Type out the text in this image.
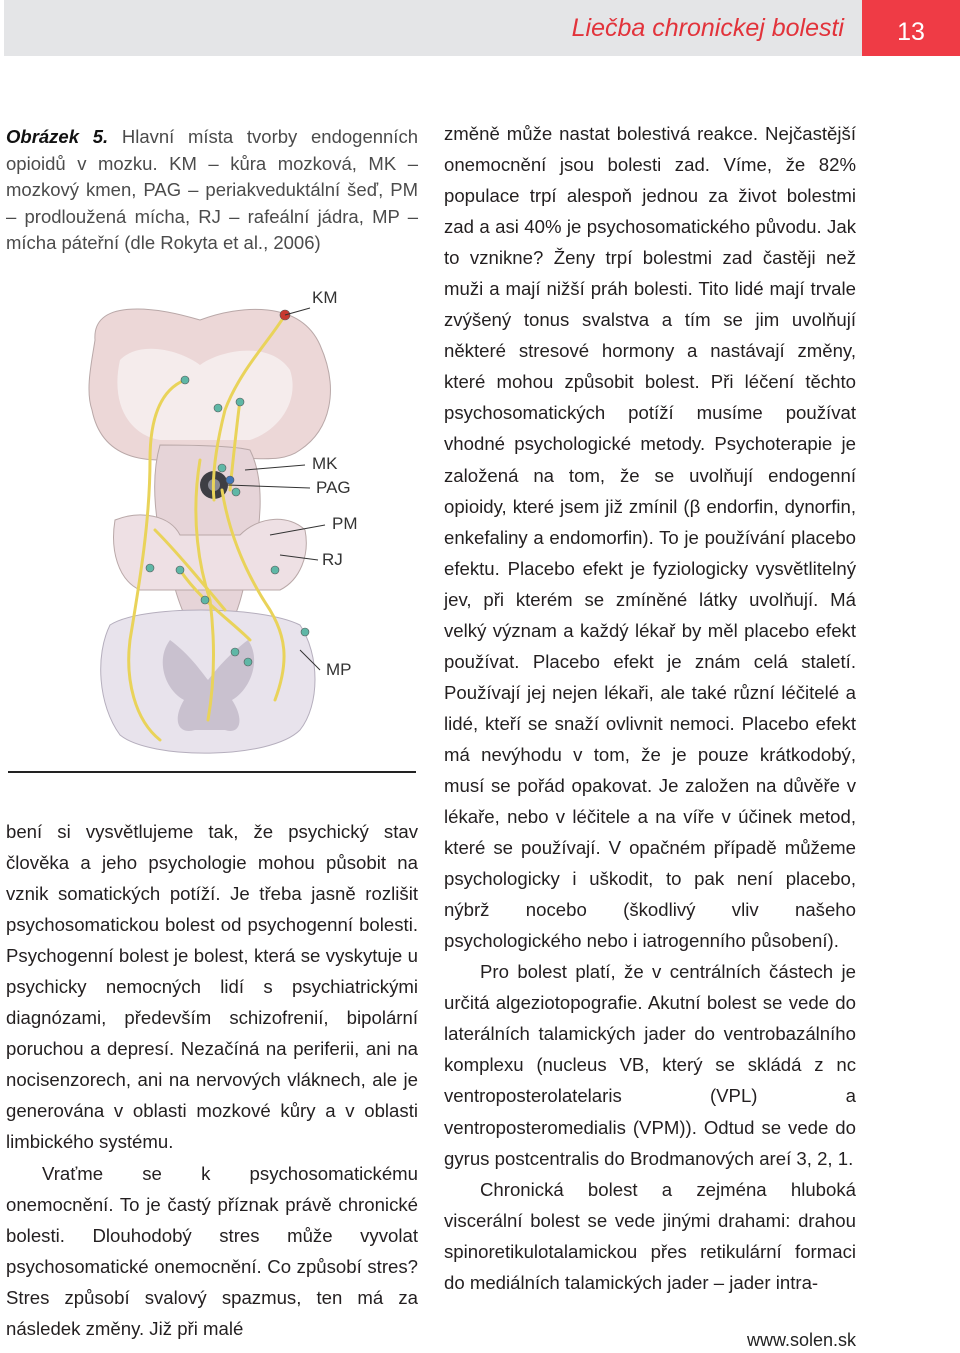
Liečba chronickej bolesti	13
Obrázek 5. Hlavní místa tvorby endogenních opioidů v mozku. KM – kůra mozková, MK – mozkový kmen, PAG – periakveduktální šeď, PM – prodloužená mícha, RJ – rafeální jádra, MP – mícha páteřní (dle Rokyta et al., 2006)
KM
MK
PAG
PM
RJ
MP

bení si vysvětlujeme tak, že psychický stav člověka a jeho psychologie mohou působit na vznik somatických potíží. Je třeba jasně rozlišit psychosomatickou bolest od psychogenní bolesti. Psychogenní bolest je bolest, která se vyskytuje u psychicky nemocných lidí s psychiatrickými diagnózami, především schizofrenií, bipolární poruchou a depresí. Nezačíná na periferii, ani na nocisenzorech, ani na nervových vláknech, ale je generována v oblasti mozkové kůry a v oblasti limbického systému.

Vraťme se k psychosomatickému onemocnění. To je častý příznak právě chronické bolesti. Dlouhodobý stres může vyvolat psychosomatické onemocnění. Co způsobí stres? Stres způsobí svalový spazmus, ten má za následek změny. Již při malé

změně může nastat bolestivá reakce. Nejčastější onemocnění jsou bolesti zad. Víme, že 82% populace trpí alespoň jednou za život bolestmi zad a asi 40% je psychosomatického původu. Jak to vznikne? Ženy trpí bolestmi zad častěji než muži a mají nižší práh bolesti. Tito lidé mají trvale zvýšený tonus svalstva a tím se jim uvolňují některé stresové hormony a nastávají změny, které mohou způsobit bolest. Při léčení těchto psychosomatických potíží musíme používat vhodné psychologické metody. Psychoterapie je založená na tom, že se uvolňují endogenní opioidy, které jsem již zmínil (β endorfin, dynorfin, enkefaliny a endomorfin). To je používání placebo efektu. Placebo efekt je fyziologicky vysvětlitelný jev, při kterém se zmíněné látky uvolňují. Má velký význam a každý lékař by měl placebo efekt používat. Placebo efekt je znám celá staletí. Používají jej nejen lékaři, ale také různí léčitelé a lidé, kteří se snaží ovlivnit nemoci. Placebo efekt má nevýhodu v tom, že je pouze krátkodobý, musí se pořád opakovat. Je založen na důvěře v lékaře, nebo v léčitele a na víře v účinek metod, které se používají. V opačném případě můžeme psychologicky i uškodit, to pak není placebo, nýbrž nocebo (škodlivý vliv našeho psychologického nebo i iatrogenního působení).

Pro bolest platí, že v centrálních částech je určitá algeziotopografie. Akutní bolest se vede do laterálních talamických jader do ventrobazálního komplexu (nucleus VB, který se skládá z nc ventroposterolatelaris (VPL) a ventroposteromedialis (VPM)). Odtud se vede do gyrus postcentralis do Brodmanových areí 3, 2, 1.

Chronická bolest a zejména hluboká viscerální bolest se vede jinými drahami: drahou spinoretikulotalamickou přes retikulární formaci do mediálních talamických jader – jader intra-

www.solen.sk
